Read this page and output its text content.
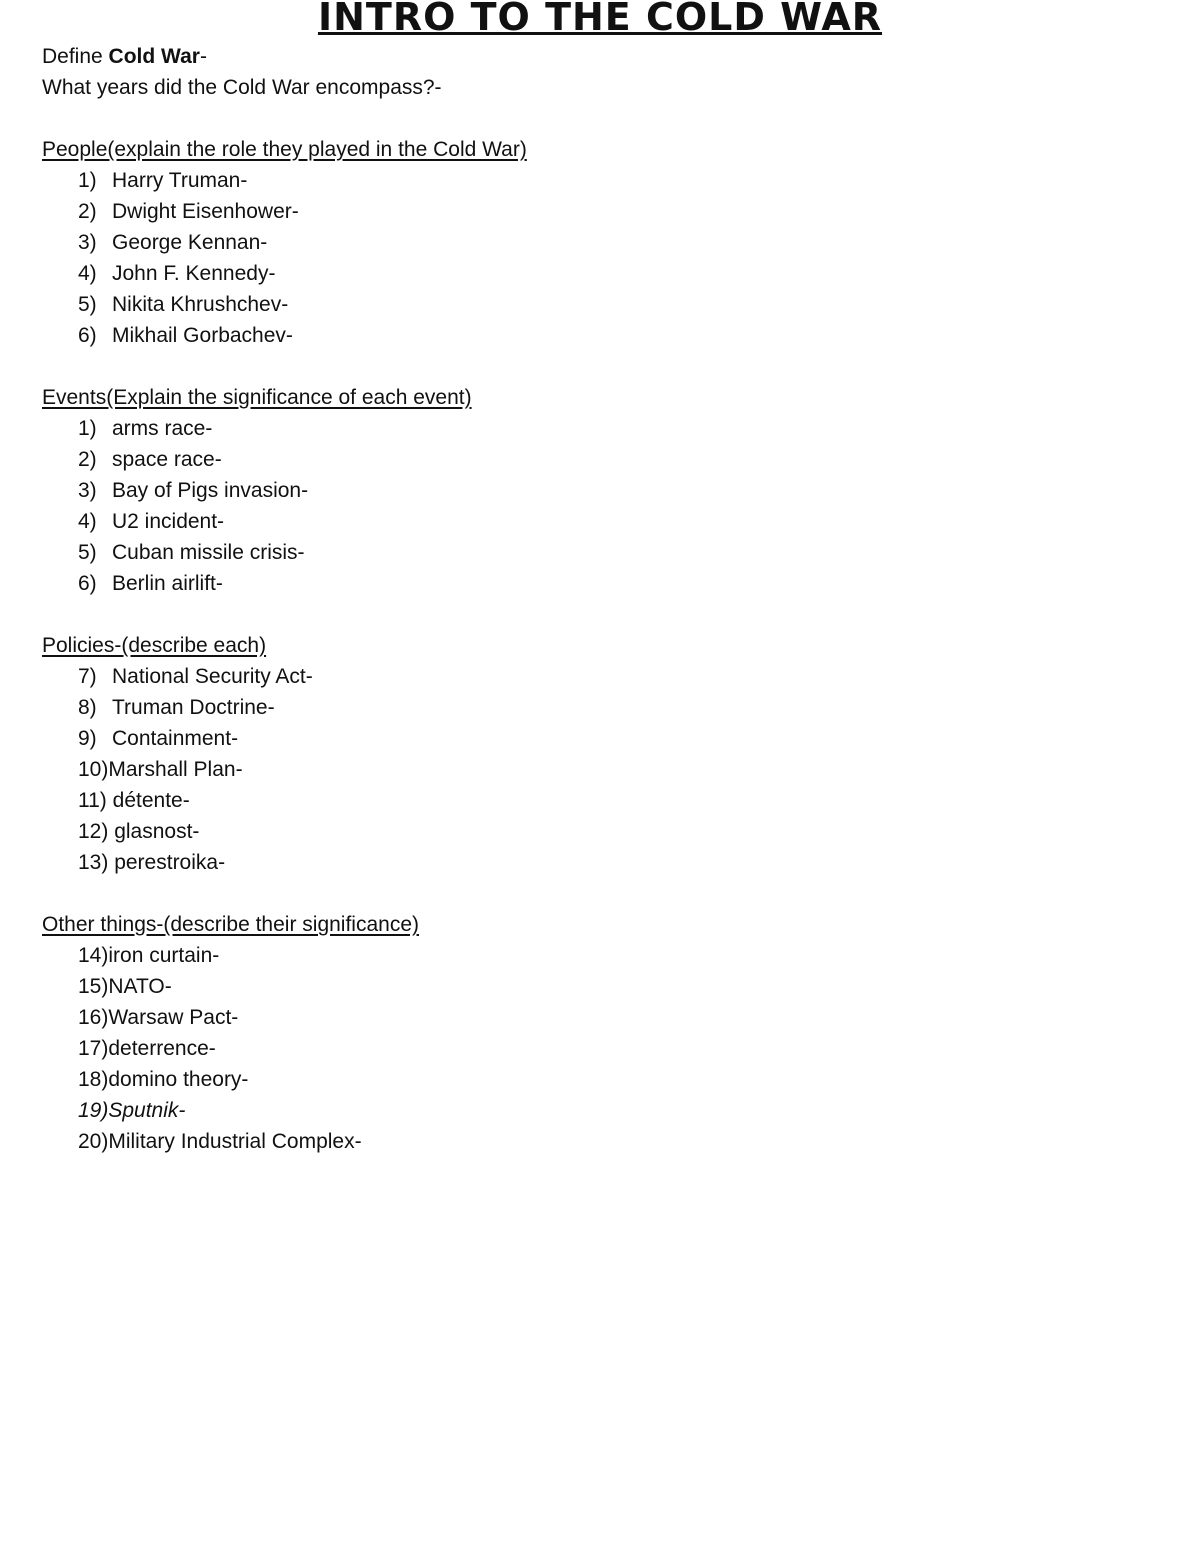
INTRO TO THE COLD WAR
Define Cold War-
What years did the Cold War encompass?-
People(explain the role they played in the Cold War)
1) Harry Truman-
2) Dwight Eisenhower-
3) George Kennan-
4) John F. Kennedy-
5) Nikita Khrushchev-
6) Mikhail Gorbachev-
Events(Explain the significance of each event)
1) arms race-
2) space race-
3) Bay of Pigs invasion-
4) U2 incident-
5) Cuban missile crisis-
6) Berlin airlift-
Policies-(describe each)
7) National Security Act-
8) Truman Doctrine-
9) Containment-
10)Marshall Plan-
11) détente-
12) glasnost-
13) perestroika-
Other things-(describe their significance)
14)iron curtain-
15)NATO-
16)Warsaw Pact-
17)deterrence-
18)domino theory-
19)Sputnik-
20)Military Industrial Complex-
